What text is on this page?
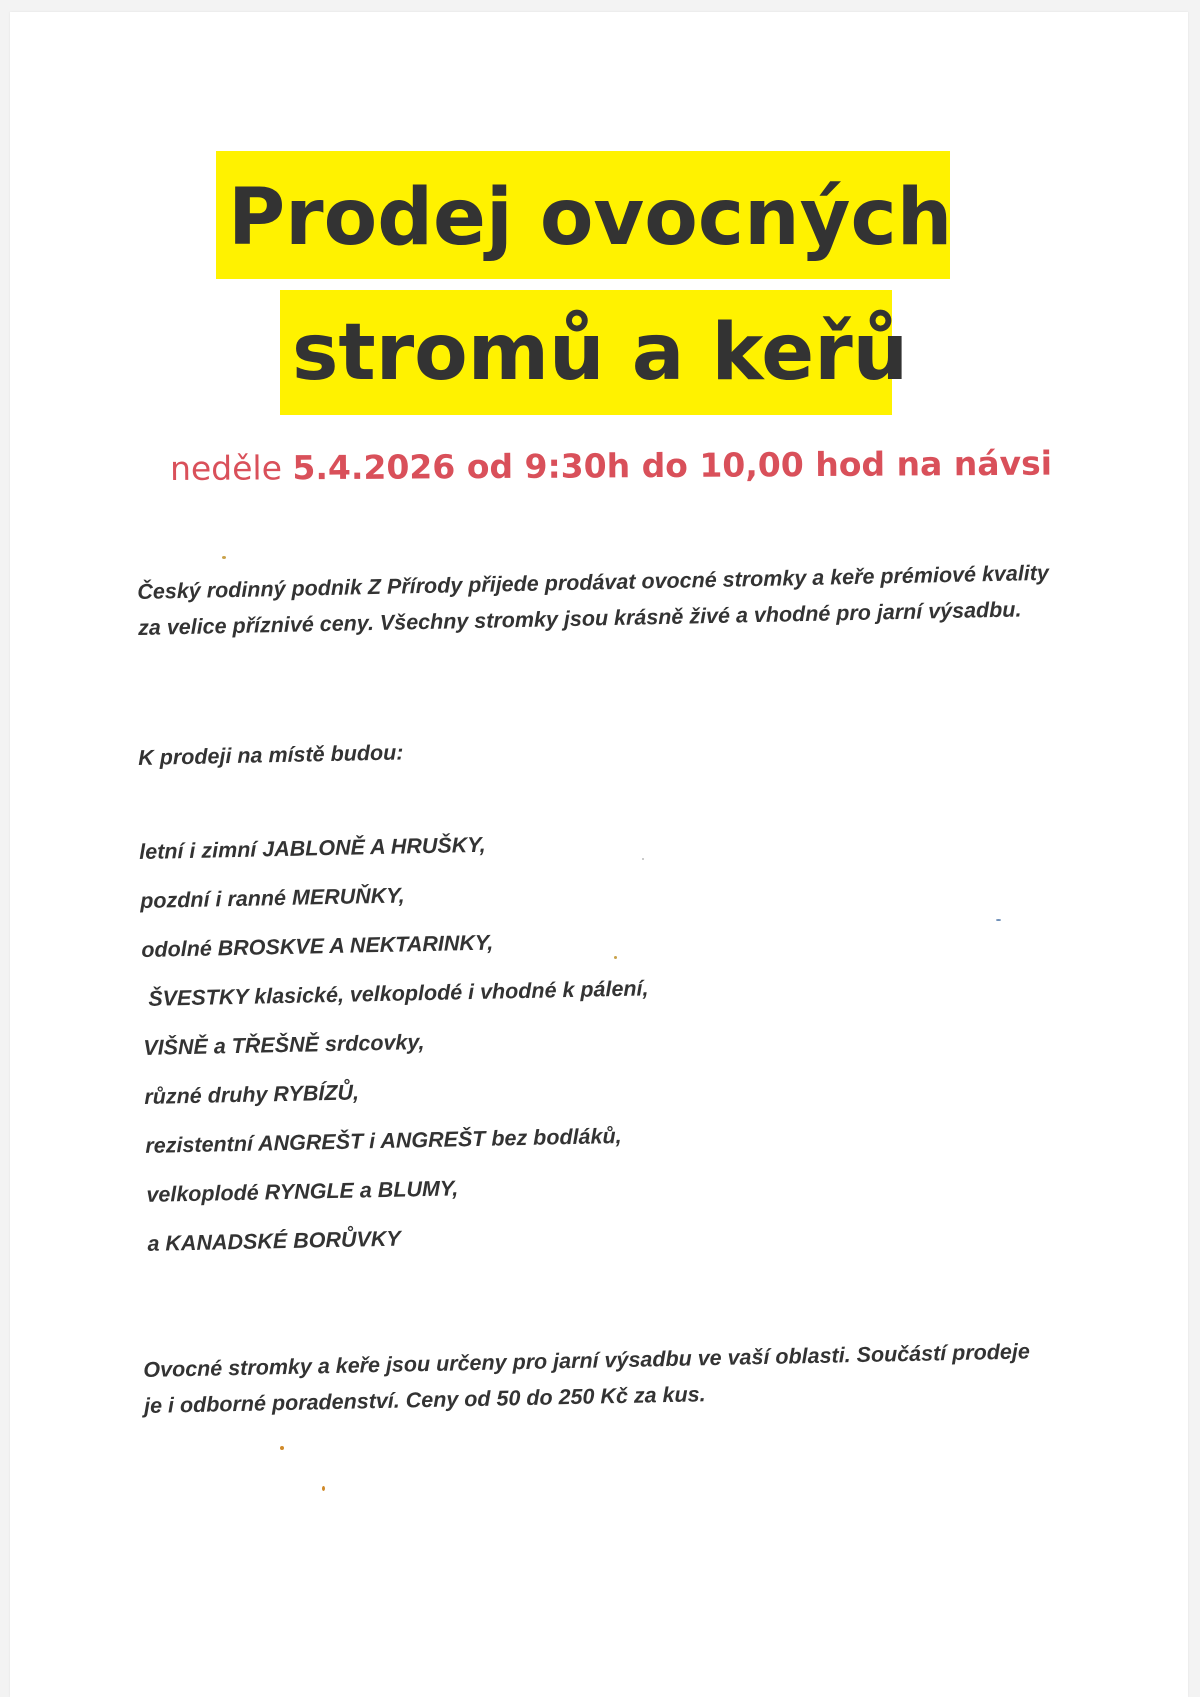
Prodej ovocných
stromů a keřů
neděle 5.4.2026 od 9:30h do 10,00 hod na návsi
Český rodinný podnik Z Přírody přijede prodávat ovocné stromky a keře prémiové kvality za velice příznivé ceny. Všechny stromky jsou krásně živé a vhodné pro jarní výsadbu.
K prodeji na místě budou:
letní i zimní JABLONĚ A HRUŠKY,
pozdní i ranné MERUŇKY,
odolné BROSKVE A NEKTARINKY,
ŠVESTKY klasické, velkoplodé i vhodné k pálení,
VIŠNĚ a TŘEŠNĚ srdcovky,
různé druhy RYBÍZŮ,
rezistentní ANGREŠT i ANGREŠT bez bodláků,
velkoplodé RYNGLE a BLUMY,
a KANADSKÉ BORŮVKY
Ovocné stromky a keře jsou určeny pro jarní výsadbu ve vaší oblasti. Součástí prodeje je i odborné poradenství. Ceny od 50 do 250 Kč za kus.
